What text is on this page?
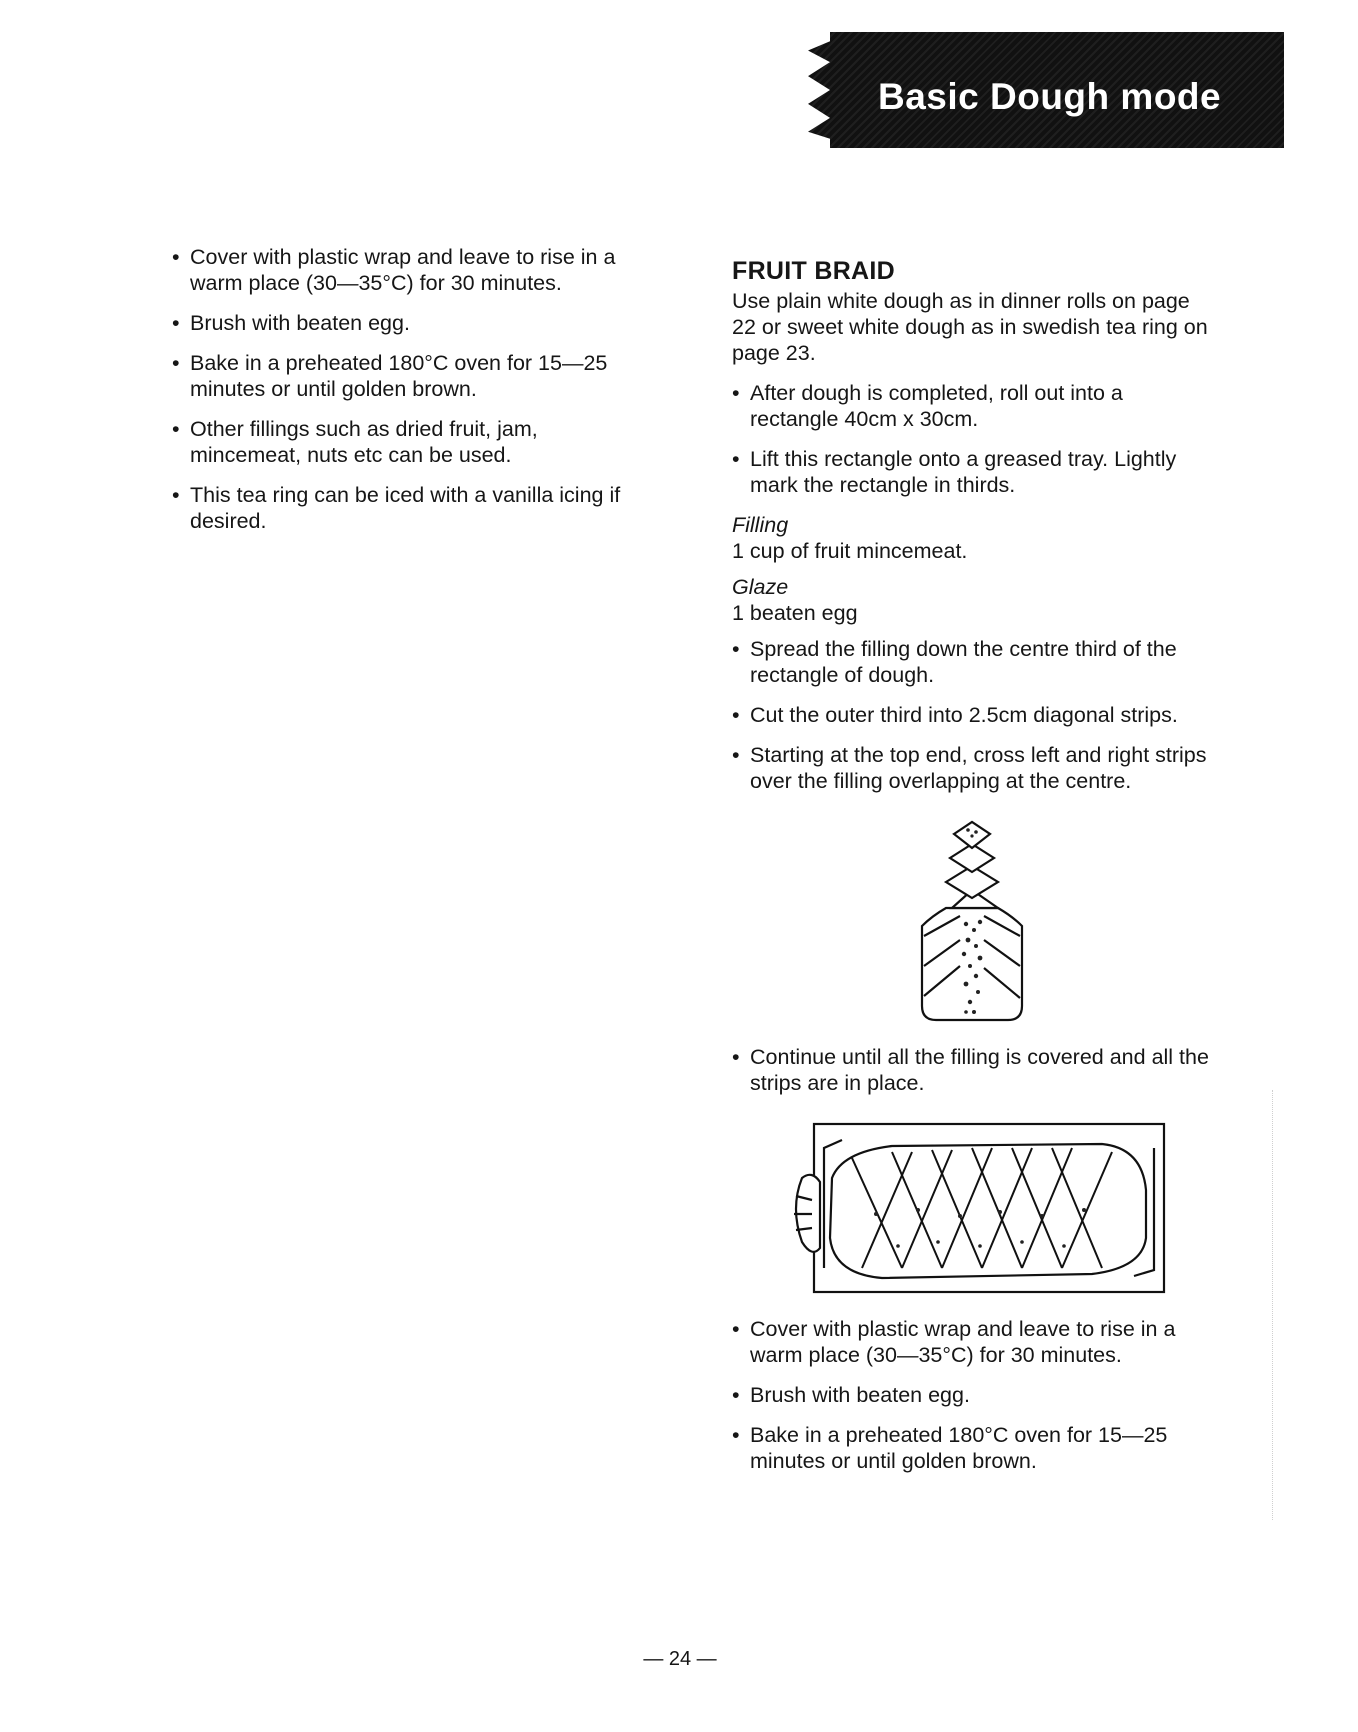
Basic Dough mode

• Cover with plastic wrap and leave to rise in a warm place (30—35°C) for 30 minutes.

• Brush with beaten egg.

• Bake in a preheated 180°C oven for 15—25 minutes or until golden brown.

• Other fillings such as dried fruit, jam, mincemeat, nuts etc can be used.

• This tea ring can be iced with a vanilla icing if desired.

FRUIT BRAID

Use plain white dough as in dinner rolls on page 22 or sweet white dough as in swedish tea ring on page 23.

• After dough is completed, roll out into a rectangle 40cm x 30cm.

• Lift this rectangle onto a greased tray. Lightly mark the rectangle in thirds.

Filling

1 cup of fruit mincemeat.

Glaze

1 beaten egg

• Spread the filling down the centre third of the rectangle of dough.

• Cut the outer third into 2.5cm diagonal strips.

• Starting at the top end, cross left and right strips over the filling overlapping at the centre.

• Continue until all the filling is covered and all the strips are in place.

• Cover with plastic wrap and leave to rise in a warm place (30—35°C) for 30 minutes.

• Brush with beaten egg.

• Bake in a preheated 180°C oven for 15—25 minutes or until golden brown.

— 24 —
